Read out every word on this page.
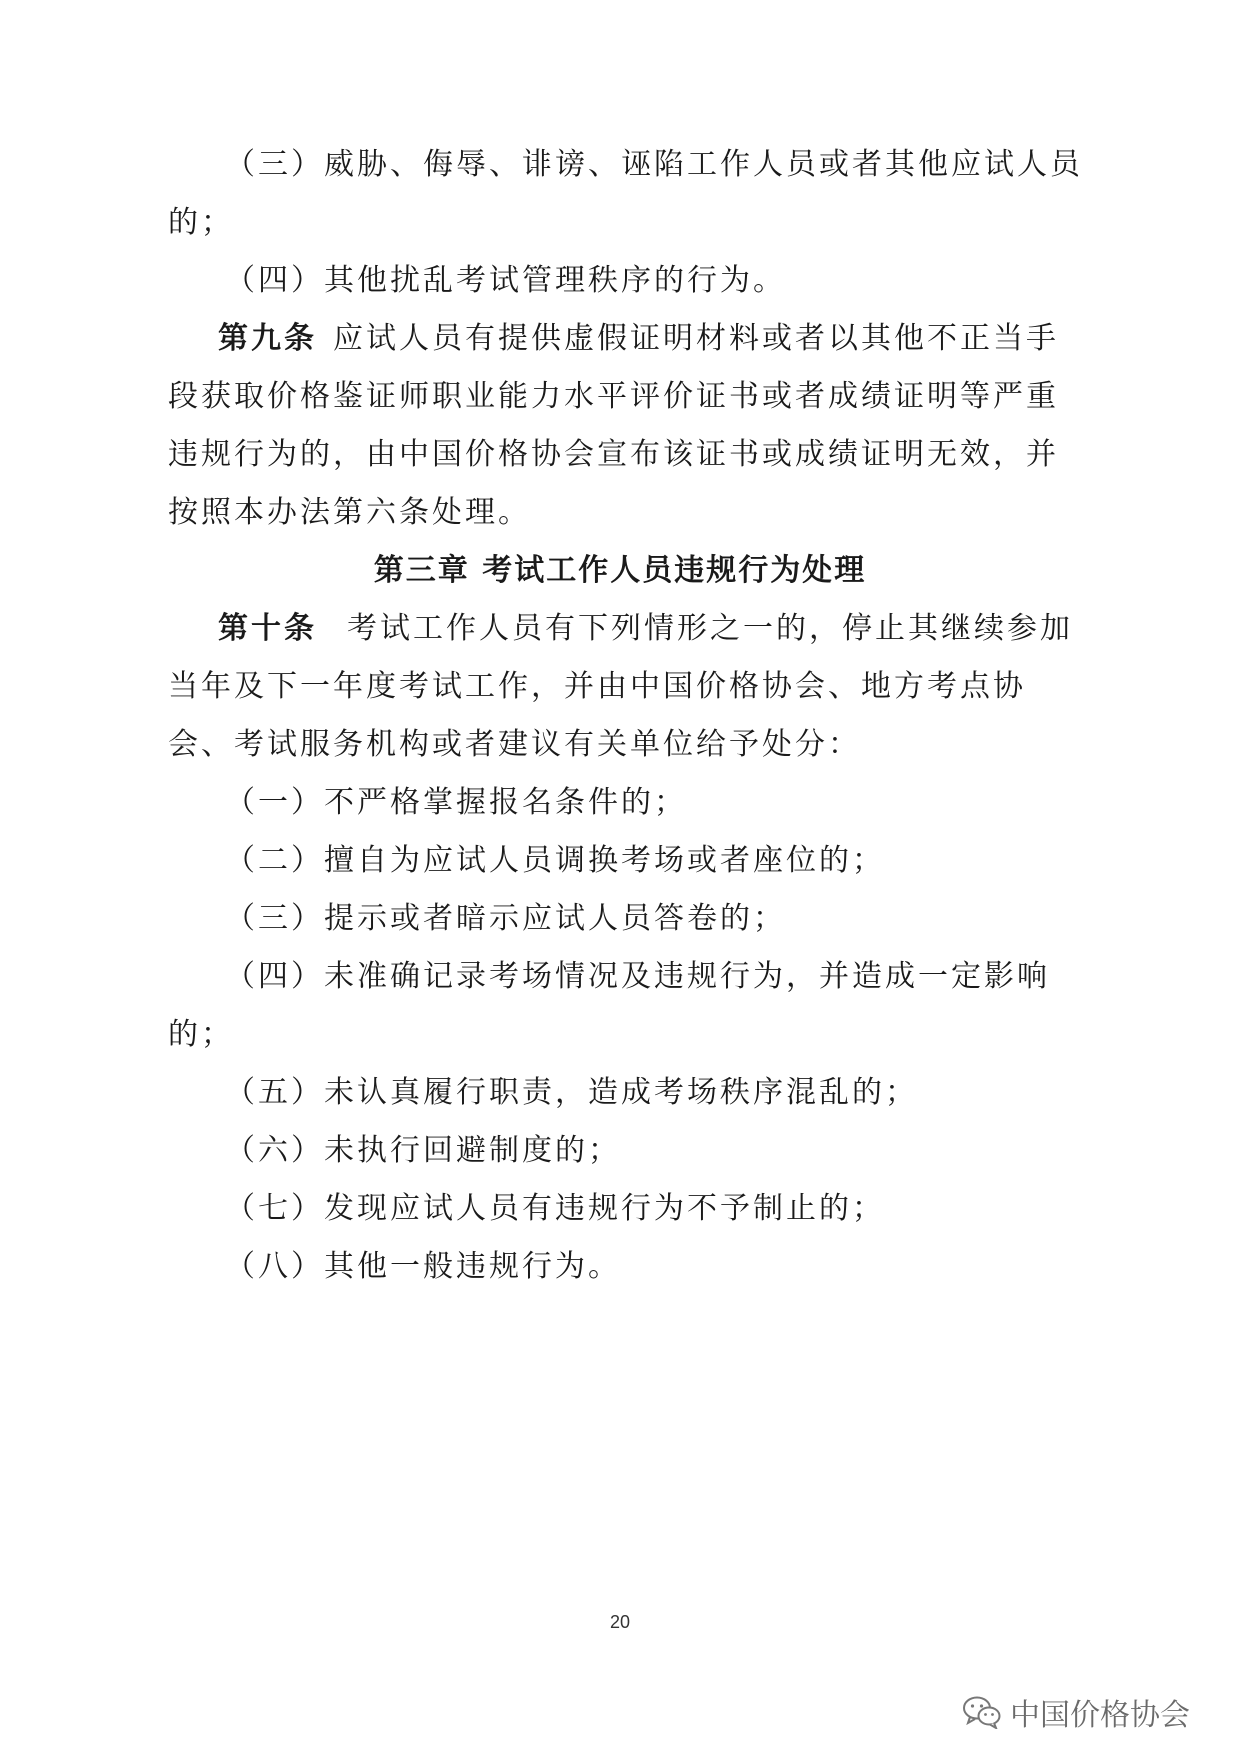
（三）威胁、侮辱、诽谤、诬陷工作人员或者其他应试人员
的；
（四）其他扰乱考试管理秩序的行为。
第九条 应试人员有提供虚假证明材料或者以其他不正当手
段获取价格鉴证师职业能力水平评价证书或者成绩证明等严重
违规行为的，由中国价格协会宣布该证书或成绩证明无效，并
按照本办法第六条处理。
第三章 考试工作人员违规行为处理
第十条 考试工作人员有下列情形之一的，停止其继续参加
当年及下一年度考试工作，并由中国价格协会、地方考点协
会、考试服务机构或者建议有关单位给予处分：
（一）不严格掌握报名条件的；
（二）擅自为应试人员调换考场或者座位的；
（三）提示或者暗示应试人员答卷的；
（四）未准确记录考场情况及违规行为，并造成一定影响
的；
（五）未认真履行职责，造成考场秩序混乱的；
（六）未执行回避制度的；
（七）发现应试人员有违规行为不予制止的；
（八）其他一般违规行为。
20
中国价格协会
